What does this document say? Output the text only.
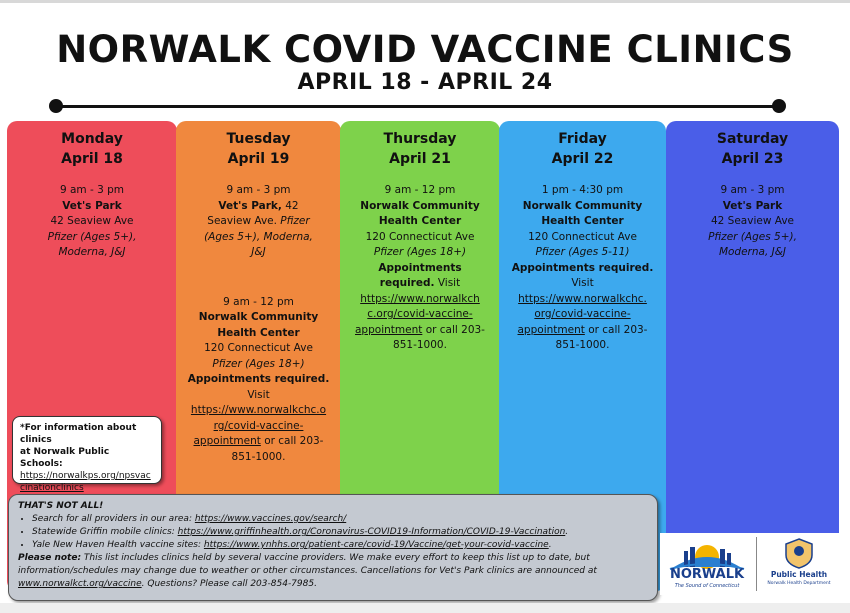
NORWALK COVID VACCINE CLINICS
APRIL 18 - APRIL 24
Monday
April 18
9 am - 3 pm
Vet's Park
42 Seaview Ave
Pfizer (Ages 5+),
Moderna, J&J
Tuesday
April 19
9 am - 3 pm
Vet's Park, 42
Seaview Ave. Pfizer
(Ages 5+), Moderna,
J&J
9 am - 12 pm
Norwalk Community
Health Center
120 Connecticut Ave
Pfizer (Ages 18+)
Appointments required.
Visit
https://www.norwalkchc.o
rg/covid-vaccine-
appointment or call 203-
851-1000.
Thursday
April 21
9 am - 12 pm
Norwalk Community
Health Center
120 Connecticut Ave
Pfizer (Ages 18+)
Appointments
required. Visit
https://www.norwalkch
c.org/covid-vaccine-
appointment or call 203-
851-1000.
Friday
April 22
1 pm - 4:30 pm
Norwalk Community
Health Center
120 Connecticut Ave
Pfizer (Ages 5-11)
Appointments required.
Visit
https://www.norwalkchc.
org/covid-vaccine-
appointment or call 203-
851-1000.
Saturday
April 23
9 am - 3 pm
Vet's Park
42 Seaview Ave
Pfizer (Ages 5+),
Moderna, J&J
*For information about clinics
at Norwalk Public Schools:
https://norwalkps.org/npsvac
cinationclinics
THAT'S NOT ALL!
• Search for all providers in our area: https://www.vaccines.gov/search/
• Statewide Griffin mobile clinics: https://www.griffinhealth.org/Coronavirus-COVID19-Information/COVID-19-Vaccination.
• Yale New Haven Health vaccine sites: https://www.ynhhs.org/patient-care/covid-19/Vaccine/get-your-covid-vaccine.
Please note: This list includes clinics held by several vaccine providers. We make every effort to keep this list up to date, but information/schedules may change due to weather or other circumstances. Cancellations for Vet's Park clinics are announced at www.norwalkct.org/vaccine. Questions? Please call 203-854-7985.
NORWALK
The Sound of Connecticut
Public Health
Norwalk Health Department
